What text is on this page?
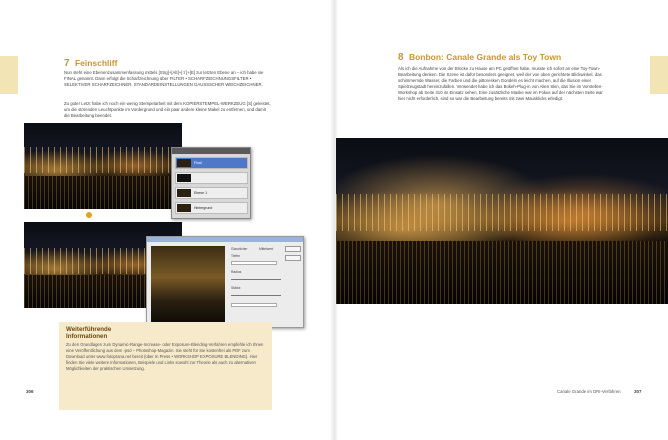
7 Feinschliff
Nun steht eine Ebenenzusammenfassung mittels [Strg]+[Alt]+[⇧]+[E] zur letzten Ebene an – ich habe sie FINAL genannt. Dann erfolgt die Scharfzeichnung über FILTER • SCHARFZEICHNUNGSFILTER • SELEKTIVER SCHARFZEICHNER. STANDARDEINSTELLUNGEN GAUSSSCHER WEICHZEICHNER.
Zu guter Letzt habe ich noch ein wenig Stempelarbeit mit dem KOPIERSTEMPEL-WERKZEUG [S] geleistet, um die störenden Leuchtpunkte im Vordergrund und ein paar andere kleine Makel zu entfernen, und damit die Bearbeitung beendet.
Final
Ebene 1
Hintergrund
Glanzlicher	Mittelwert
Tiefen
Radius
Stärke
Weiterführende Informationen
Zu den Grundlagen zum Dynamic-Range-Increase- oder Exposure-Blending-Verfahren empfehle ich Ihnen eine Veröffentlichung aus dem ›psd – Photoshop-Magazin. Sie steht für Sie kostenfrei als PDF zum Download unter www.fotoprana.net bereit (über In Press • WORKSHOP EXPOSURE BLENDING). Hier finden Sie viele weitere Informationen, Beispiele und Links sowohl zur Theorie als auch zu alternativen Möglichkeiten der praktischen Umsetzung.
306
8 Bonbon: Canale Grande als Toy Town
Als ich die Aufnahme von der Brücke zu Hause am PC geöffnet habe, musste ich sofort an eine Toy-Town-Bearbeitung denken. Die Szene ist dafür besonders geeignet, weil der von oben gerichtete Blickwinkel, das schimmernde Wasser, die Farben und die pittoresken Gondeln es leicht machen, auf die Illusion einer Spielzeugstadt hereinzufallen. Verwendet habe ich das Bokeh-Plug-in von Alien Skin, das Sie im Vorstellen-Workshop ab Seite 310 im Einsatz sehen. Eine zusätzliche Maske war im Fokus auf der nächsten Seite war hier nicht erforderlich, sind so war die Bearbeitung bereits mit zwei Mausklicks erledigt.
Canale Grande im DRI-Verfahren	307
